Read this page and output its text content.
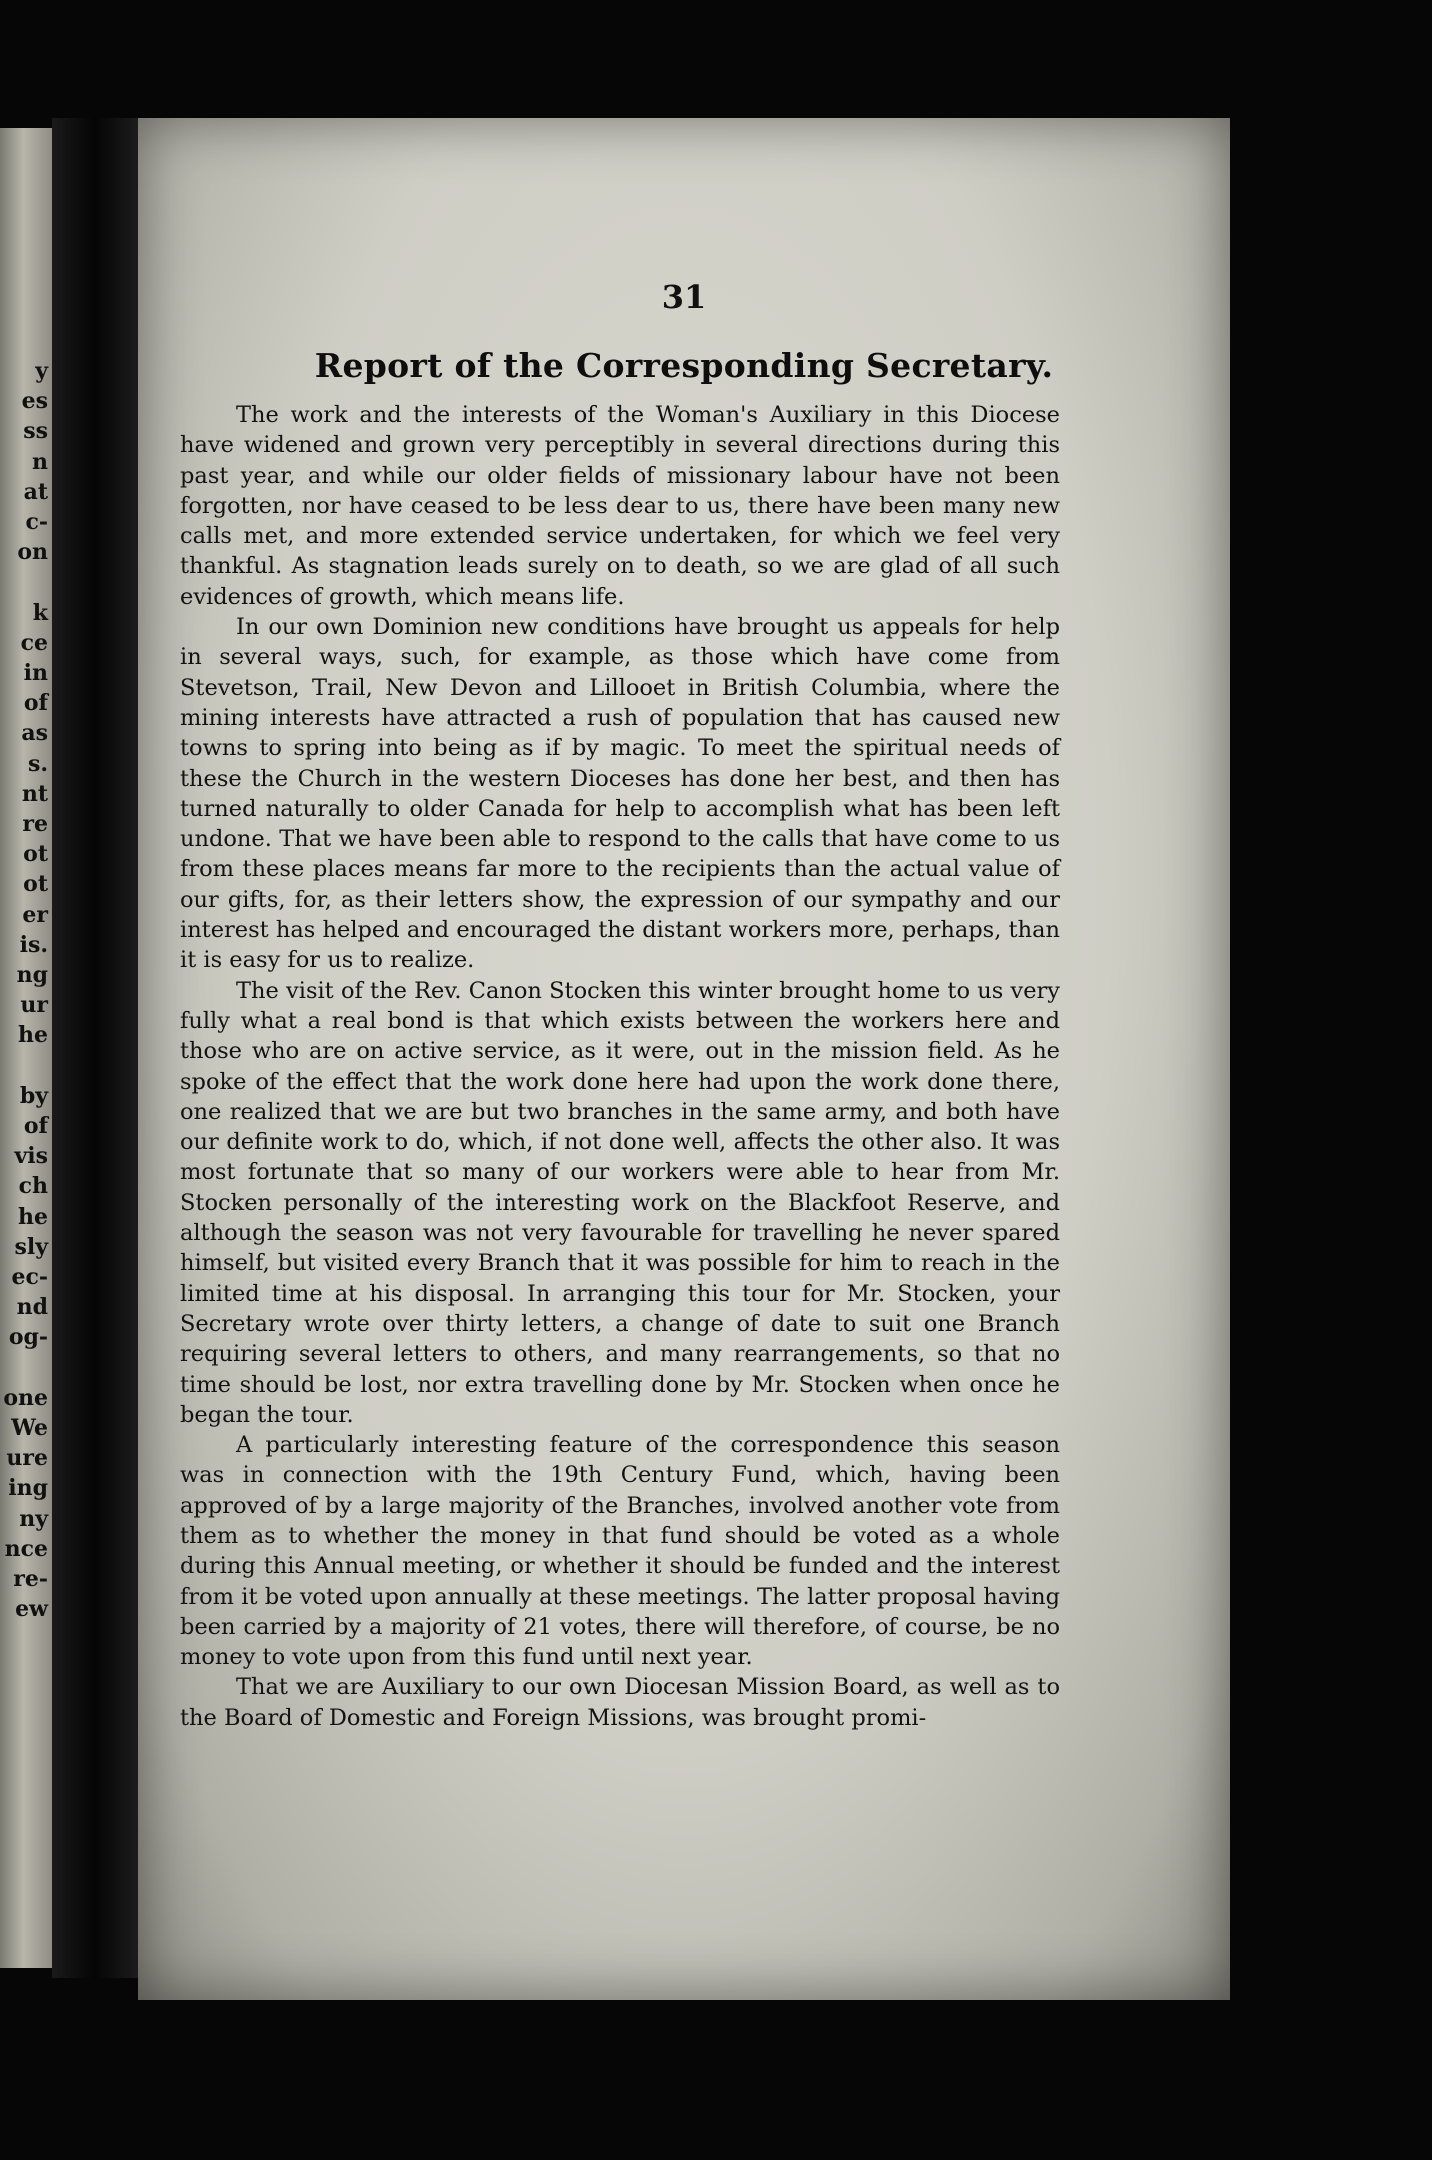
y
es
ss
n
at
c-
on
k
ce
in
of
as
s.
nt
re
ot
ot
er
is.
ng
ur
he
by
of
vis
ch
he
sly
ec-
nd
og-
one
We
ure
ing
ny
nce
re-
ew
31
Report of the Corresponding Secretary.

The work and the interests of the Woman's Auxiliary in this Diocese have widened and grown very perceptibly in several directions during this past year, and while our older fields of missionary labour have not been forgotten, nor have ceased to be less dear to us, there have been many new calls met, and more extended service undertaken, for which we feel very thankful. As stagnation leads surely on to death, so we are glad of all such evidences of growth, which means life.

In our own Dominion new conditions have brought us appeals for help in several ways, such, for example, as those which have come from Stevetson, Trail, New Devon and Lillooet in British Columbia, where the mining interests have attracted a rush of population that has caused new towns to spring into being as if by magic. To meet the spiritual needs of these the Church in the western Dioceses has done her best, and then has turned naturally to older Canada for help to accomplish what has been left undone. That we have been able to respond to the calls that have come to us from these places means far more to the recipients than the actual value of our gifts, for, as their letters show, the expression of our sympathy and our interest has helped and encouraged the distant workers more, perhaps, than it is easy for us to realize.

The visit of the Rev. Canon Stocken this winter brought home to us very fully what a real bond is that which exists between the workers here and those who are on active service, as it were, out in the mission field. As he spoke of the effect that the work done here had upon the work done there, one realized that we are but two branches in the same army, and both have our definite work to do, which, if not done well, affects the other also. It was most fortunate that so many of our workers were able to hear from Mr. Stocken personally of the interesting work on the Blackfoot Reserve, and although the season was not very favourable for travelling he never spared himself, but visited every Branch that it was possible for him to reach in the limited time at his disposal. In arranging this tour for Mr. Stocken, your Secretary wrote over thirty letters, a change of date to suit one Branch requiring several letters to others, and many rearrangements, so that no time should be lost, nor extra travelling done by Mr. Stocken when once he began the tour.

A particularly interesting feature of the correspondence this season was in connection with the 19th Century Fund, which, having been approved of by a large majority of the Branches, involved another vote from them as to whether the money in that fund should be voted as a whole during this Annual meeting, or whether it should be funded and the interest from it be voted upon annually at these meetings. The latter proposal having been carried by a majority of 21 votes, there will therefore, of course, be no money to vote upon from this fund until next year.

That we are Auxiliary to our own Diocesan Mission Board, as well as to the Board of Domestic and Foreign Missions, was brought promi-
